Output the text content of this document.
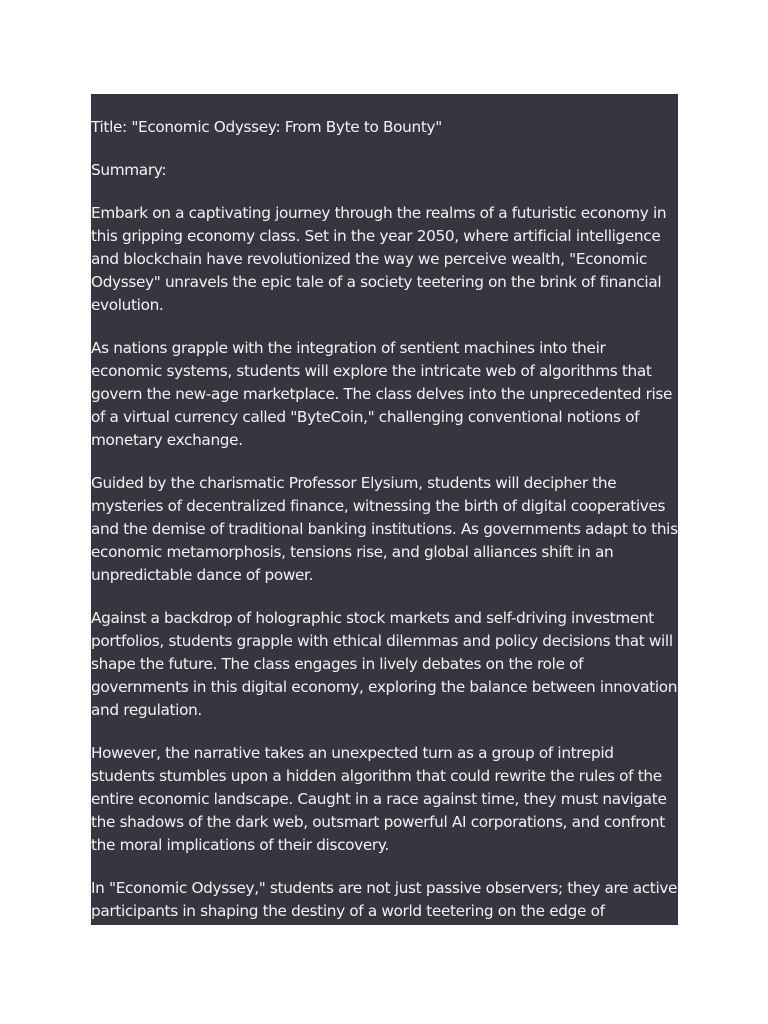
Title: "Economic Odyssey: From Byte to Bounty"

Summary:

Embark on a captivating journey through the realms of a futuristic economy in this gripping economy class. Set in the year 2050, where artificial intelligence and blockchain have revolutionized the way we perceive wealth, "Economic Odyssey" unravels the epic tale of a society teetering on the brink of financial evolution.

As nations grapple with the integration of sentient machines into their economic systems, students will explore the intricate web of algorithms that govern the new-age marketplace. The class delves into the unprecedented rise of a virtual currency called "ByteCoin," challenging conventional notions of monetary exchange.

Guided by the charismatic Professor Elysium, students will decipher the mysteries of decentralized finance, witnessing the birth of digital cooperatives and the demise of traditional banking institutions. As governments adapt to this economic metamorphosis, tensions rise, and global alliances shift in an unpredictable dance of power.

Against a backdrop of holographic stock markets and self-driving investment portfolios, students grapple with ethical dilemmas and policy decisions that will shape the future. The class engages in lively debates on the role of governments in this digital economy, exploring the balance between innovation and regulation.

However, the narrative takes an unexpected turn as a group of intrepid students stumbles upon a hidden algorithm that could rewrite the rules of the entire economic landscape. Caught in a race against time, they must navigate the shadows of the dark web, outsmart powerful AI corporations, and confront the moral implications of their discovery.

In "Economic Odyssey," students are not just passive observers; they are active participants in shaping the destiny of a world teetering on the edge of
